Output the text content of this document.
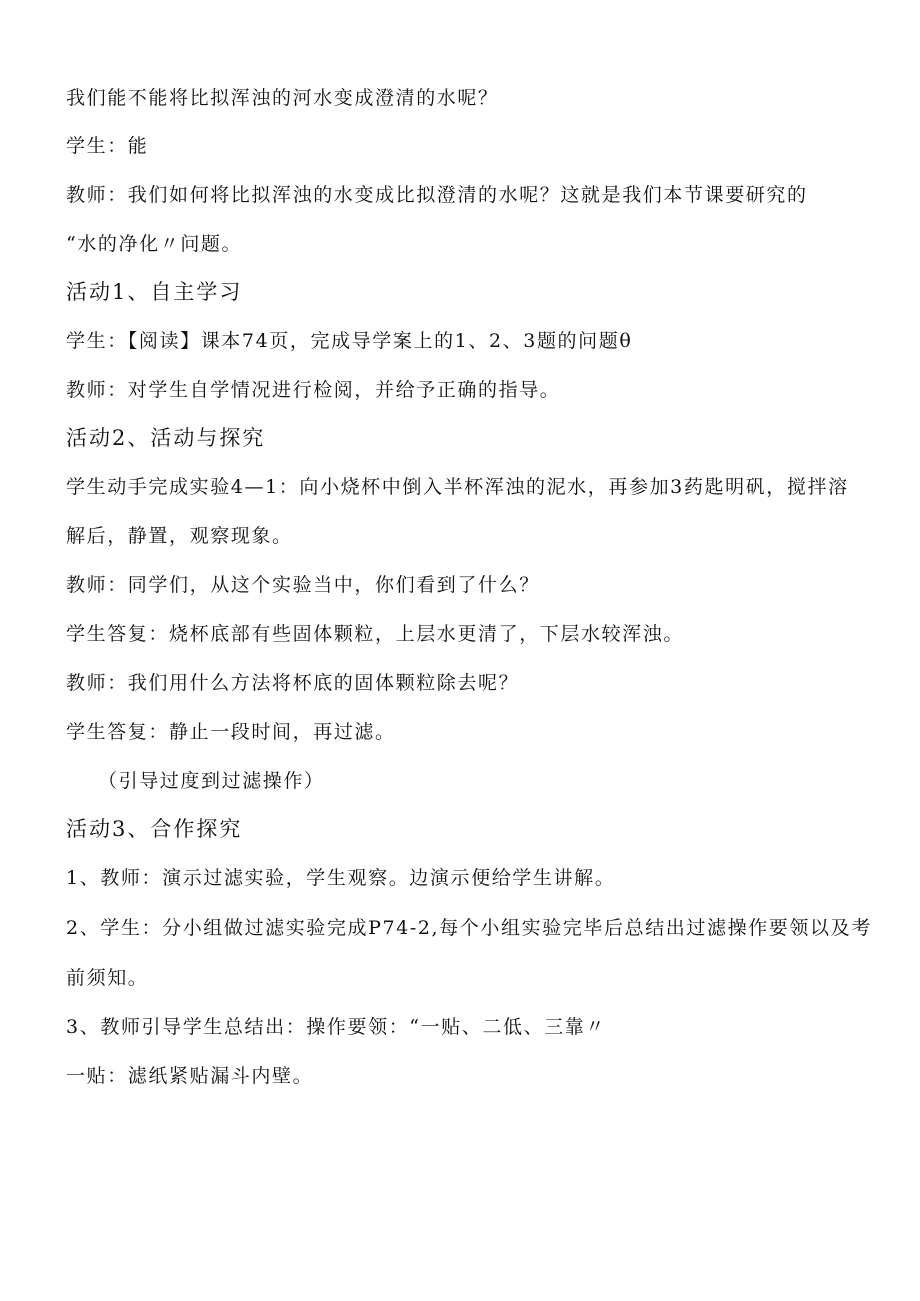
我们能不能将比拟浑浊的河水变成澄清的水呢？
学生：能
教师：我们如何将比拟浑浊的水变成比拟澄清的水呢？这就是我们本节课要研究的
“水的净化〃问题。
活动1、自主学习
学生：【阅读】课本74页，完成导学案上的1、2、3题的问题θ
教师：对学生自学情况进行检阅，并给予正确的指导。
活动2、活动与探究
学生动手完成实验4—1：向小烧杯中倒入半杯浑浊的泥水，再参加3药匙明矾，搅拌溶
解后，静置，观察现象。
教师：同学们，从这个实验当中，你们看到了什么？
学生答复：烧杯底部有些固体颗粒，上层水更清了，下层水较浑浊。
教师：我们用什么方法将杯底的固体颗粒除去呢？
学生答复：静止一段时间，再过滤。
（引导过度到过滤操作）
活动3、合作探究
1、教师：演示过滤实验，学生观察。边演示便给学生讲解。
2、学生：分小组做过滤实验完成P74-2,每个小组实验完毕后总结出过滤操作要领以及考
前须知。
3、教师引导学生总结出：操作要领：“一贴、二低、三靠〃
一贴：滤纸紧贴漏斗内壁。
